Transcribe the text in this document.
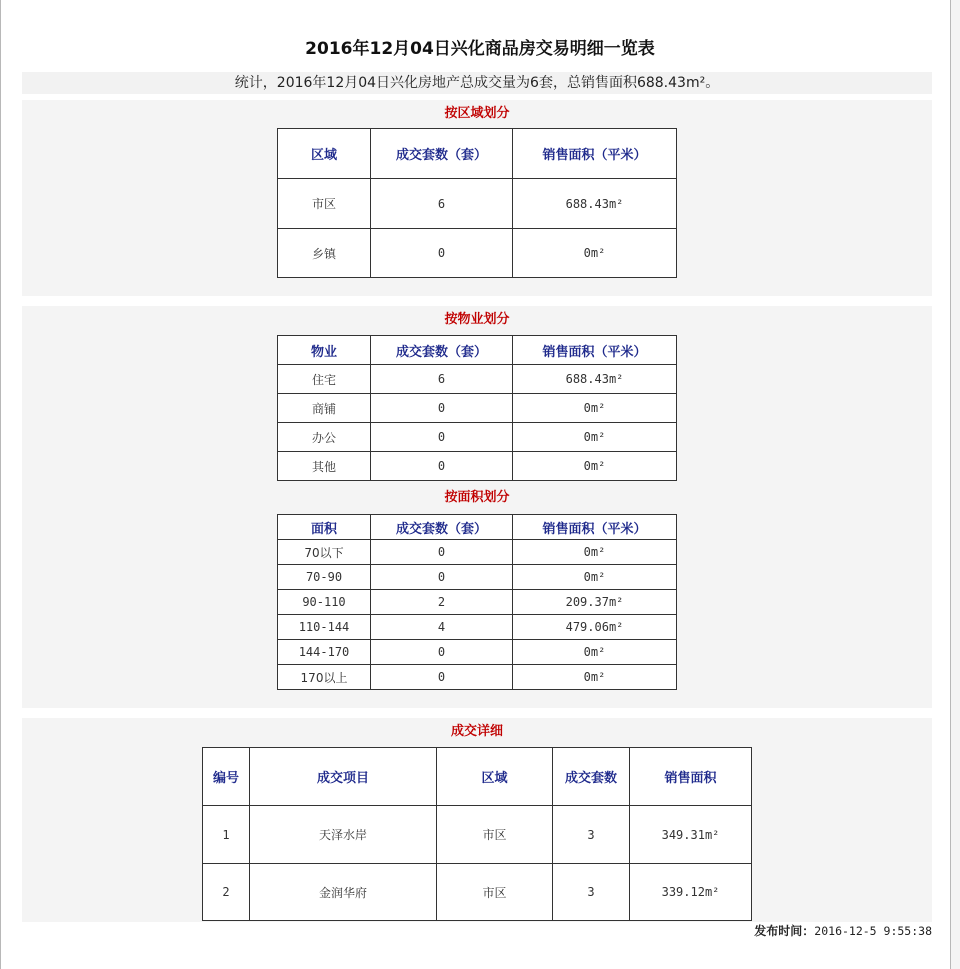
2016年12月04日兴化商品房交易明细一览表
统计，2016年12月04日兴化房地产总成交量为6套，总销售面积688.43m²。
按区域划分
区域	成交套数（套）	销售面积（平米）
市区	6	688.43m²
乡镇	0	0m²
按物业划分
物业	成交套数（套）	销售面积（平米）
住宅	6	688.43m²
商铺	0	0m²
办公	0	0m²
其他	0	0m²
按面积划分
面积	成交套数（套）	销售面积（平米）
70以下	0	0m²
70-90	0	0m²
90-110	2	209.37m²
110-144	4	479.06m²
144-170	0	0m²
170以上	0	0m²
成交详细
编号	成交项目	区域	成交套数	销售面积
1	天泽水岸	市区	3	349.31m²
2	金润华府	市区	3	339.12m²
发布时间：2016-12-5 9:55:38
